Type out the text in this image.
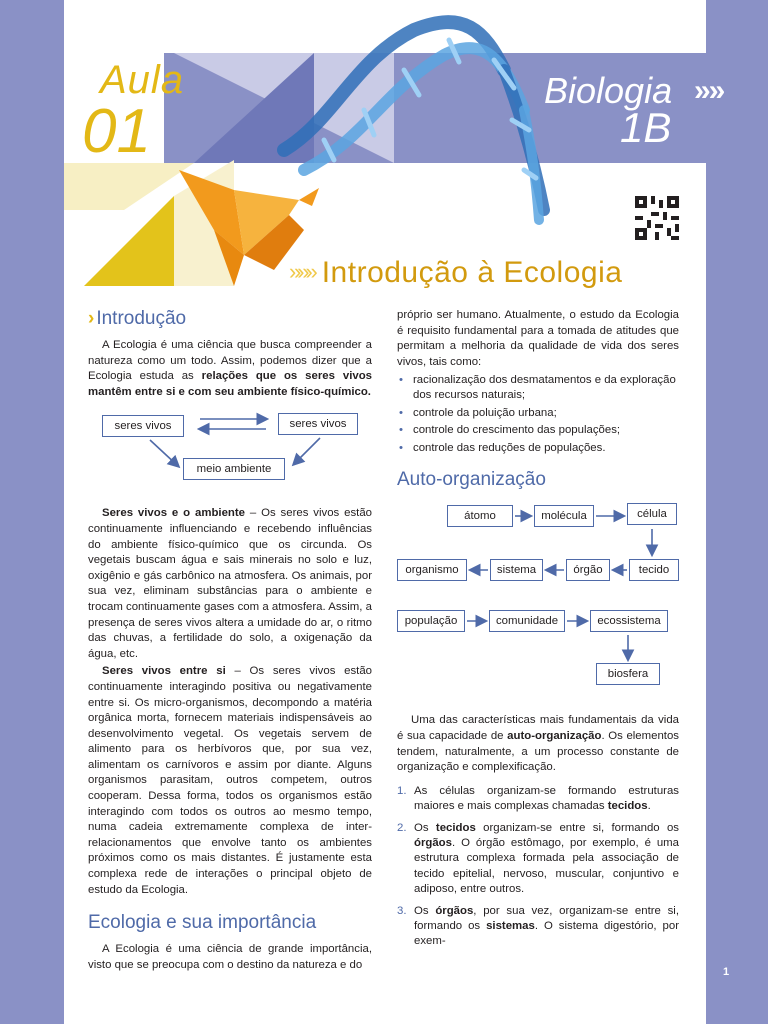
Aula
01
Biologia
1B
»»» Introdução à Ecologia
› Introdução

A Ecologia é uma ciência que busca compreender a natureza como um todo. Assim, podemos dizer que a Ecologia estuda as relações que os seres vivos mantêm entre si e com seu ambiente físico-químico.

seres vivos	seres vivos
meio ambiente

Seres vivos e o ambiente – Os seres vivos estão continuamente influenciando e recebendo influências do ambiente físico-químico que os circunda. Os vegetais buscam água e sais minerais no solo e luz, oxigênio e gás carbônico na atmosfera. Os animais, por sua vez, eliminam substâncias para o ambiente e trocam continuamente gases com a atmosfera. Assim, a presença de seres vivos altera a umidade do ar, o ritmo das chuvas, a fertilidade do solo, a oxigenação da água, etc.

Seres vivos entre si – Os seres vivos estão continuamente interagindo positiva ou negativamente entre si. Os micro-organismos, decompondo a matéria orgânica morta, fornecem materiais indispensáveis ao desenvolvimento vegetal. Os vegetais servem de alimento para os herbívoros que, por sua vez, alimentam os carnívoros e assim por diante. Alguns organismos parasitam, outros competem, outros cooperam. Dessa forma, todos os organismos estão interagindo com todos os outros ao mesmo tempo, numa cadeia extremamente complexa de inter-relacionamentos que envolve tanto os ambientes próximos como os mais distantes. É justamente esta complexa rede de interações o principal objeto de estudo da Ecologia.

Ecologia e sua importância

A Ecologia é uma ciência de grande importância, visto que se preocupa com o destino da natureza e do

próprio ser humano. Atualmente, o estudo da Ecologia é requisito fundamental para a tomada de atitudes que permitam a melhoria da qualidade de vida dos seres vivos, tais como:

• racionalização dos desmatamentos e da exploração dos recursos naturais;
• controle da poluição urbana;
• controle do crescimento das populações;
• controle das reduções de populações.
Auto-organização
átomo	molécula	célula
tecido
órgão
sistema
organismo
população	comunidade	ecossistema
biosfera

Uma das características mais fundamentais da vida é sua capacidade de auto-organização. Os elementos tendem, naturalmente, a um processo constante de organização e complexificação.

1. As células organizam-se formando estruturas maiores e mais complexas chamadas tecidos.
2. Os tecidos organizam-se entre si, formando os órgãos. O órgão estômago, por exemplo, é uma estrutura complexa formada pela associação de tecido epitelial, nervoso, muscular, conjuntivo e adiposo, entre outros.
3. Os órgãos, por sua vez, organizam-se entre si, formando os sistemas. O sistema digestório, por exem-
»»
1
